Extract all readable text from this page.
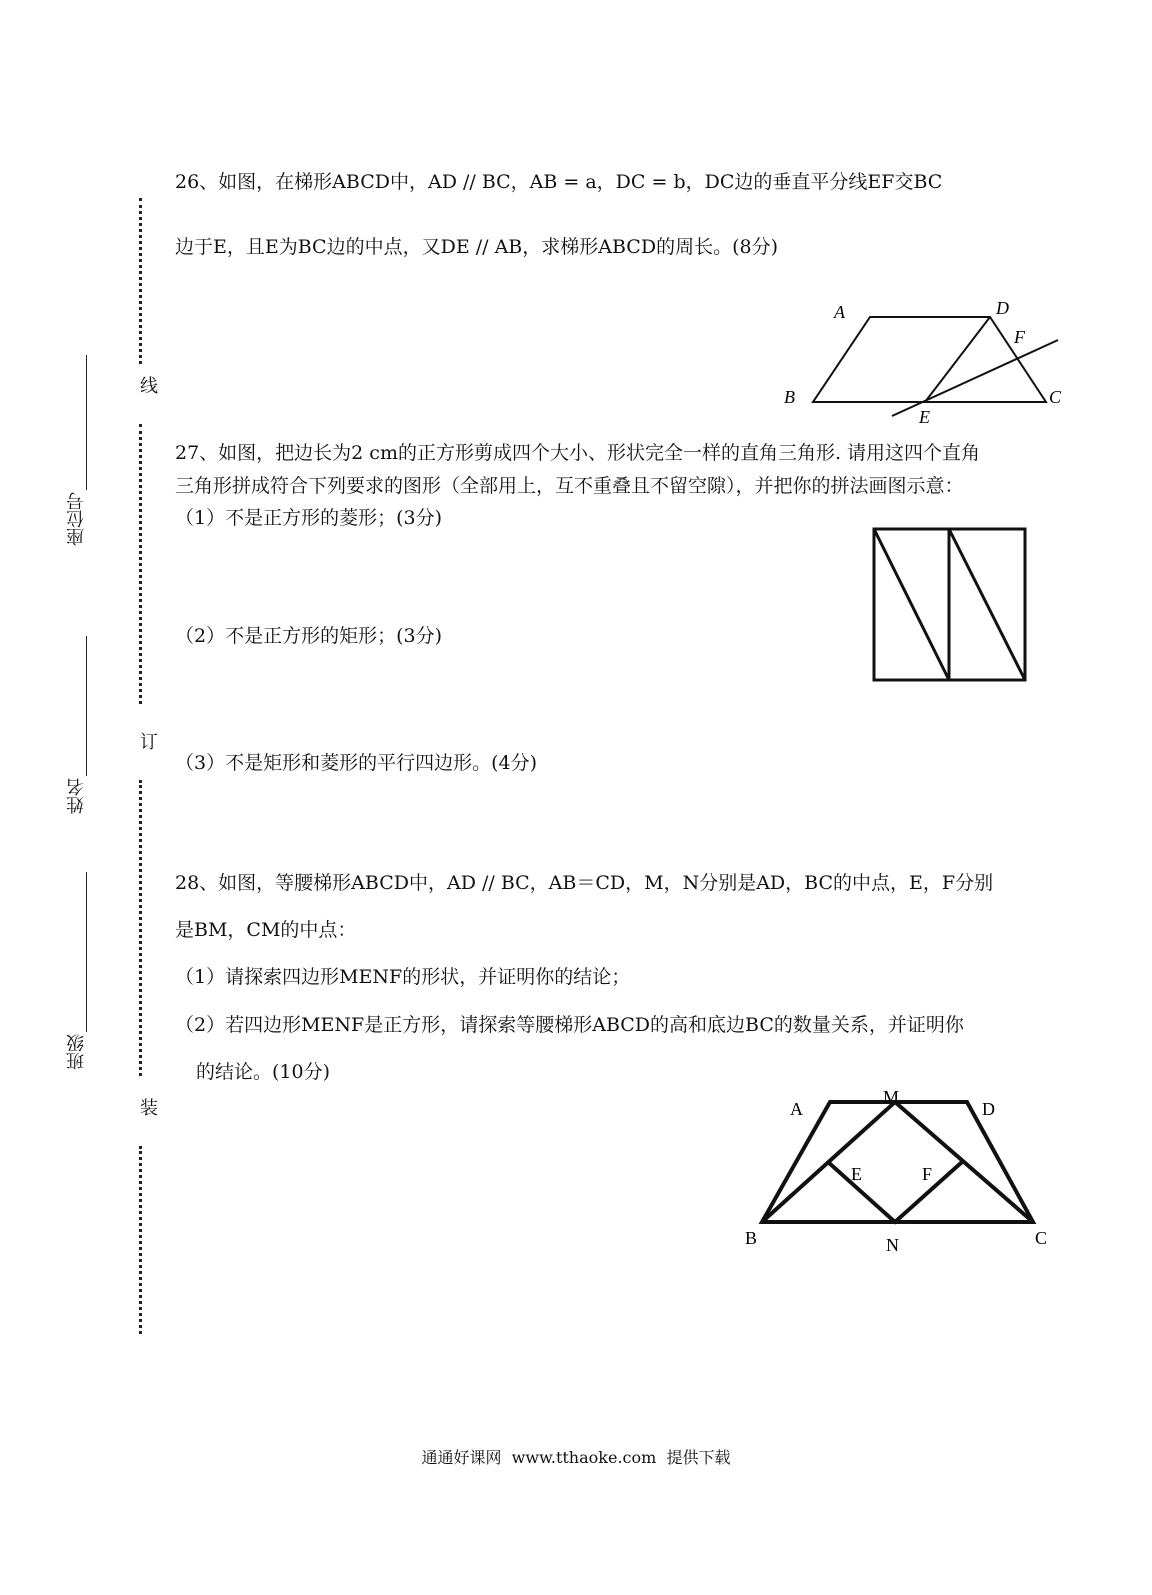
座位号
姓名
班级
线
订
装
26、如图，在梯形ABCD中，AD // BC，AB = a，DC = b，DC边的垂直平分线EF交BC
边于E，且E为BC边的中点，又DE // AB，求梯形ABCD的周长。(8分)
A	D
F
B	C
E
27、如图，把边长为2 cm的正方形剪成四个大小、形状完全一样的直角三角形. 请用这四个直角
三角形拼成符合下列要求的图形（全部用上，互不重叠且不留空隙），并把你的拼法画图示意：
（1）不是正方形的菱形；(3分)
（2）不是正方形的矩形；(3分)
（3）不是矩形和菱形的平行四边形。(4分)
28、如图，等腰梯形ABCD中，AD // BC，AB＝CD，M，N分别是AD，BC的中点，E，F分别
是BM，CM的中点：
（1）请探索四边形MENF的形状，并证明你的结论；
（2）若四边形MENF是正方形，请探索等腰梯形ABCD的高和底边BC的数量关系，并证明你
的结论。(10分)
A
M
D
E	F
B	N	C
通通好课网  www.tthaoke.com  提供下载
